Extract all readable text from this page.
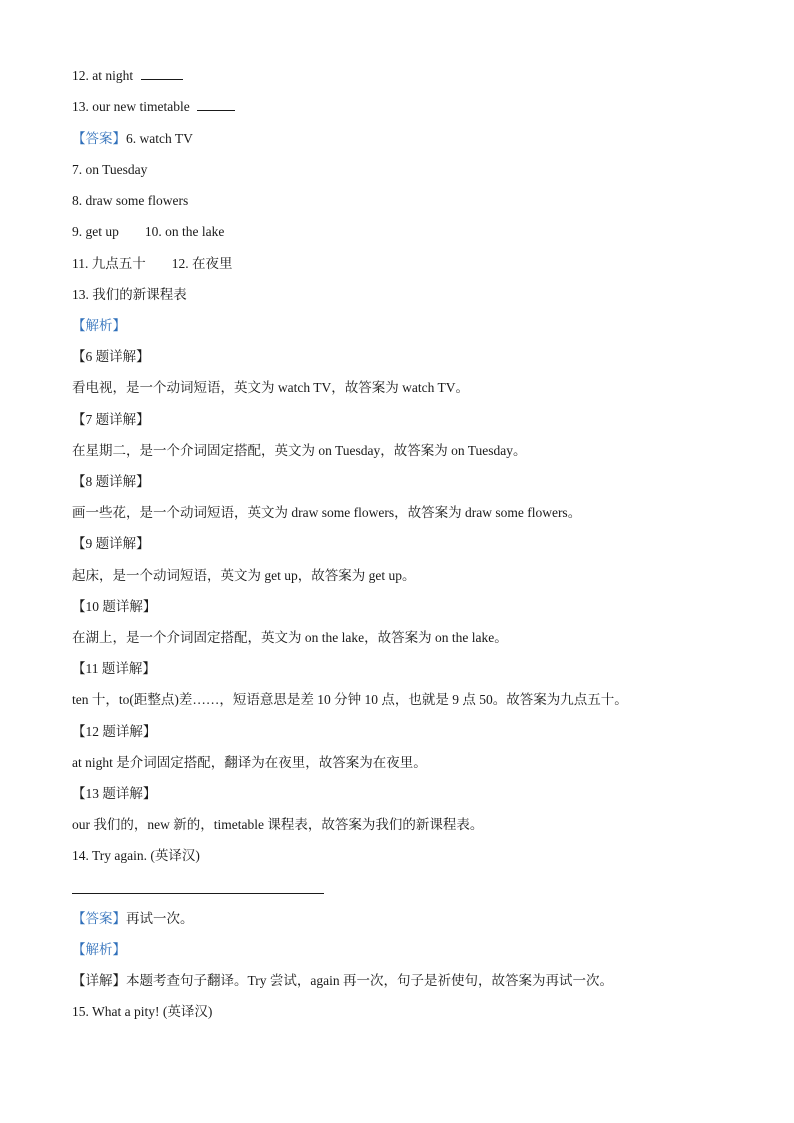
12. at night
13. our new timetable
【答案】6. watch TV
7. on Tuesday
8. draw some flowers
9. get up 10. on the lake
11. 九点五十 12. 在夜里
13. 我们的新课程表
【解析】
【6 题详解】
看电视，是一个动词短语，英文为 watch TV，故答案为 watch TV。
【7 题详解】
在星期二，是一个介词固定搭配，英文为 on Tuesday，故答案为 on Tuesday。
【8 题详解】
画一些花，是一个动词短语，英文为 draw some flowers，故答案为 draw some flowers。
【9 题详解】
起床，是一个动词短语，英文为 get up，故答案为 get up。
【10 题详解】
在湖上，是一个介词固定搭配，英文为 on the lake，故答案为 on the lake。
【11 题详解】
ten 十，to(距整点)差……，短语意思是差 10 分钟 10 点，也就是 9 点 50。故答案为九点五十。
【12 题详解】
at night 是介词固定搭配，翻译为在夜里，故答案为在夜里。
【13 题详解】
our 我们的，new 新的，timetable 课程表，故答案为我们的新课程表。
14. Try again. (英译汉)
【答案】再试一次。
【解析】
【详解】本题考查句子翻译。Try 尝试，again 再一次，句子是祈使句，故答案为再试一次。
15. What a pity! (英译汉)
